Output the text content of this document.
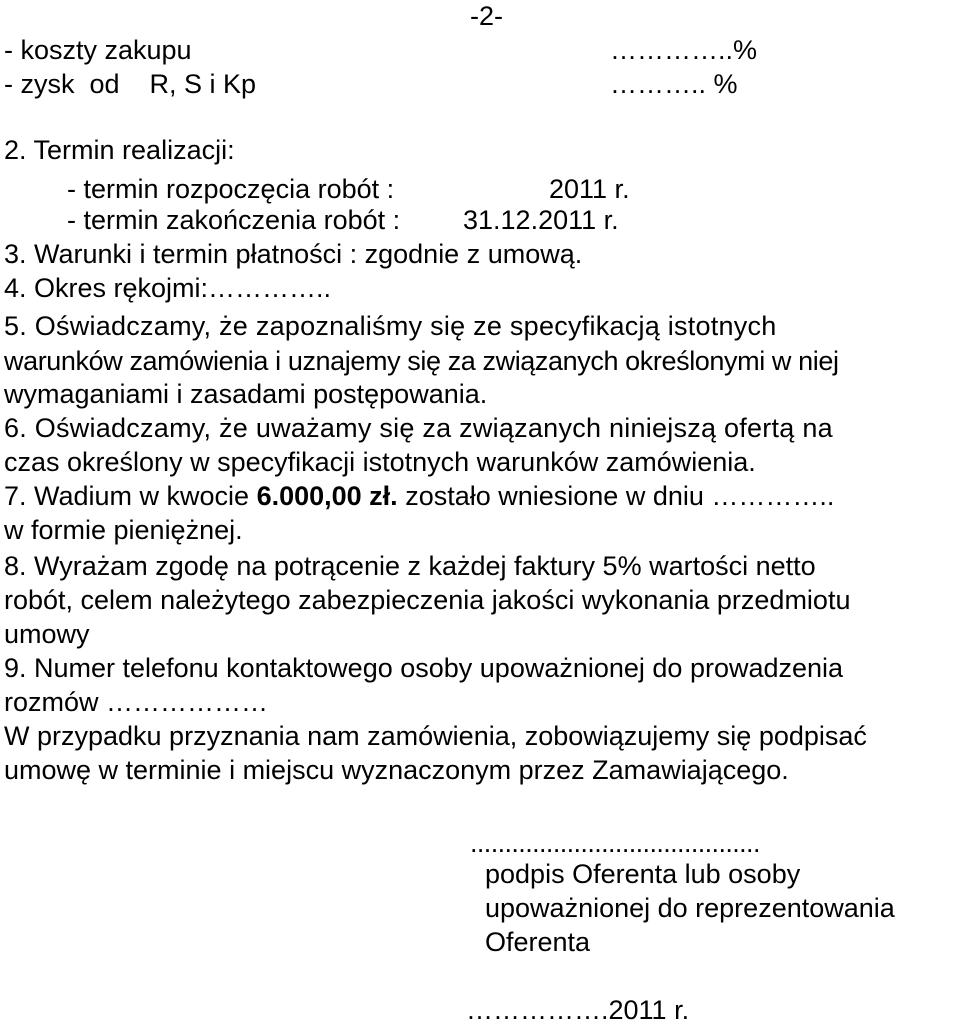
-2-
- koszty zakupu	…………..%
- zysk  od    R, S i Kp	……….. %
2. Termin realizacji:
- termin rozpoczęcia robót :	2011 r.
- termin zakończenia robót : 31.12.2011 r.
3. Warunki i termin płatności : zgodnie z umową.
4. Okres rękojmi:…………..
5. Oświadczamy, że zapoznaliśmy się ze specyfikacją istotnych
warunków zamówienia i uznajemy się za związanych określonymi w niej
wymaganiami i zasadami postępowania.
6. Oświadczamy, że uważamy się za związanych niniejszą ofertą na
czas określony w specyfikacji istotnych warunków zamówienia.
7. Wadium w kwocie 6.000,00 zł. zostało wniesione w dniu …………..
w formie pieniężnej.
8. Wyrażam zgodę na potrącenie z każdej faktury 5% wartości netto
robót, celem należytego zabezpieczenia jakości wykonania przedmiotu
umowy
9. Numer telefonu kontaktowego osoby upoważnionej do prowadzenia
rozmów ………………
W przypadku przyznania nam zamówienia, zobowiązujemy się podpisać
umowę w terminie i miejscu wyznaczonym przez Zamawiającego.
..........................................
podpis Oferenta lub osoby
upoważnionej do reprezentowania
Oferenta
…………….2011 r.
